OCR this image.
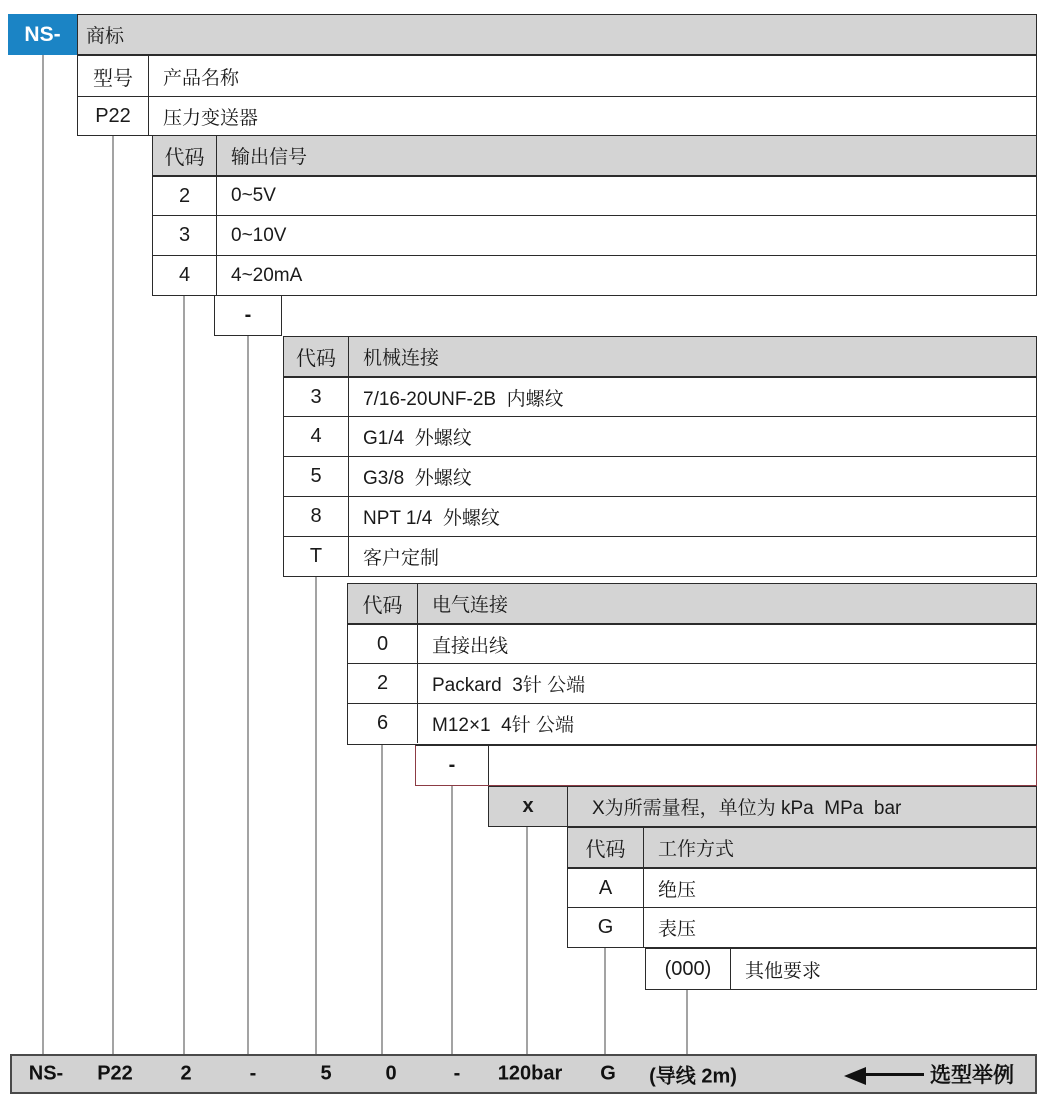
NS-	商标
型号	产品名称
P22	压力变送器
代码	输出信号
2	0~5V
3	0~10V
4	4~20mA
-
代码	机械连接
3	7/16-20UNF-2B  内螺纹
4	G1/4  外螺纹
5	G3/8  外螺纹
8	NPT 1/4  外螺纹
T	客户定制
代码	电气连接
0	直接出线
2	Packard  3针 公端
6	M12×1  4针 公端
-
x	X为所需量程，单位为 kPa  MPa  bar
代码	工作方式
A	绝压
G	表压
(000)	其他要求
NS- P22 2	-	5	0	- 120bar G (导线 2m)	选型举例
